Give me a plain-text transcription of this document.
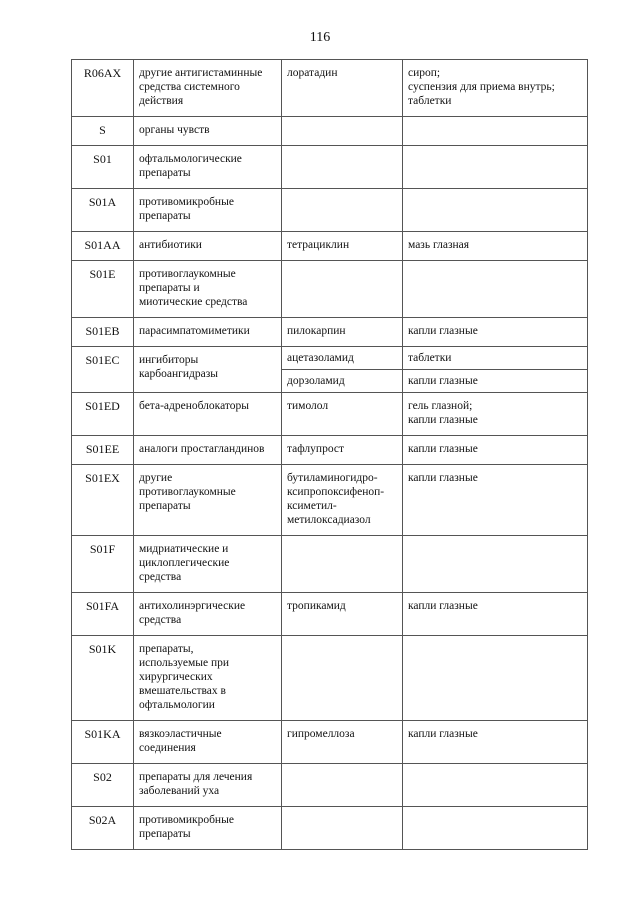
116
R06AX	другие антигистаминные
средства системного
действия	лоратадин	сироп;
суспензия для приема внутрь;
таблетки

S	органы чувств		

S01	офтальмологические
препараты		

S01A	противомикробные
препараты		

S01AA	антибиотики	тетрациклин	мазь глазная

S01E	противоглаукомные
препараты и
миотические средства		

S01EB	парасимпатомиметики	пилокарпин	капли глазные

S01EC	ингибиторы
карбоангидразы	ацетазоламид	таблетки

		дорзоламид	капли глазные

S01ED	бета-адреноблокаторы	тимолол	гель глазной;
капли глазные

S01EE	аналоги простагландинов	тафлупрост	капли глазные

S01EX	другие
противоглаукомные
препараты	бутиламиногидро-
ксипропоксифеноп-
ксиметил-
метилоксадиазол	капли глазные

S01F	мидриатические и
циклоплегические
средства		

S01FA	антихолинэргические
средства	тропикамид	капли глазные

S01K	препараты,
используемые при
хирургических
вмешательствах в
офтальмологии		

S01KA	вязкоэластичные
соединения	гипромеллоза	капли глазные

S02	препараты для лечения
заболеваний уха		

S02A	противомикробные
препараты		
